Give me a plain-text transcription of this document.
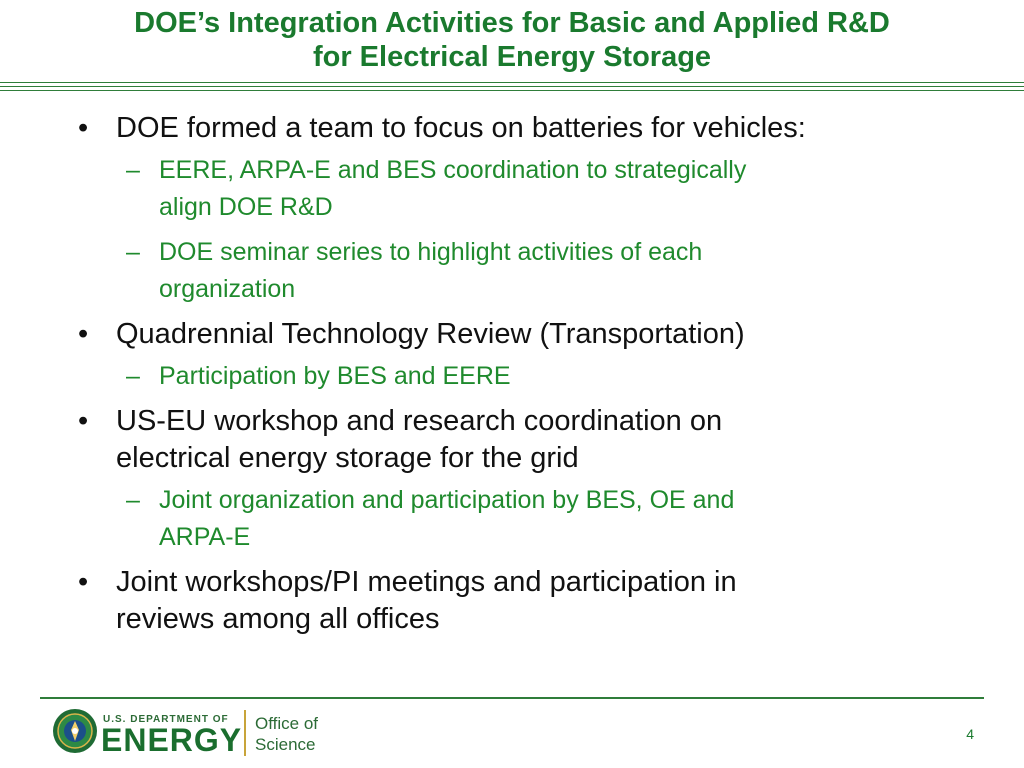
DOE’s Integration Activities for Basic and Applied R&D
for Electrical Energy Storage
• DOE formed a team to focus on batteries for vehicles:
– EERE, ARPA-E and BES coordination to strategically
align DOE R&D
– DOE seminar series to highlight activities of each
organization
• Quadrennial Technology Review (Transportation)
– Participation by BES and EERE
• US-EU workshop and research coordination on
electrical energy storage for the grid
– Joint organization and participation by BES, OE and
ARPA-E
• Joint workshops/PI meetings and participation in
reviews among all offices
U.S. DEPARTMENT OF
ENERGY Office of
Science
4
